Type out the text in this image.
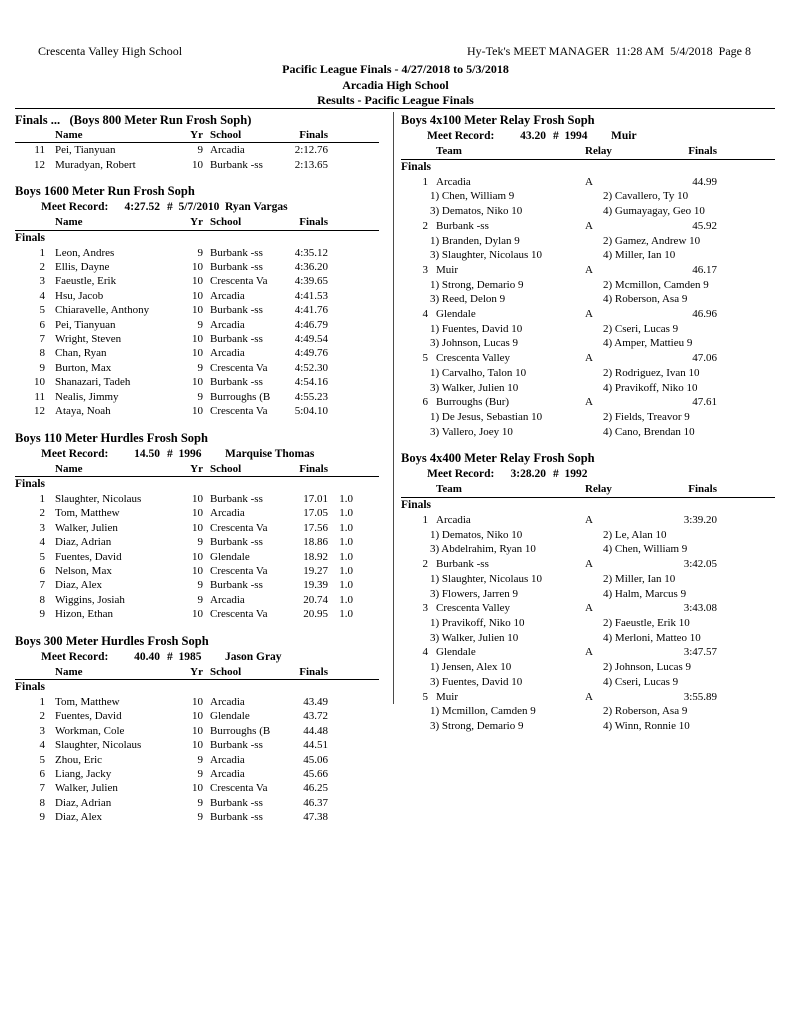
Crescenta Valley High School	Hy-Tek's MEET MANAGER  11:28 AM  5/4/2018  Page 8
Pacific League Finals - 4/27/2018 to 5/3/2018
Arcadia High School
Results - Pacific League Finals
Finals ...   (Boys 800 Meter Run Frosh Soph)
Name	Yr School	Finals
11 Pei, Tianyuan	9 Arcadia	2:12.76
12 Muradyan, Robert	10 Burbank -ss	2:13.65
Boys 1600 Meter Run Frosh Soph
Meet Record:	4:27.52 #  5/7/2010 Ryan Vargas
Name	Yr School	Finals
Finals
1 Leon, Andres	9 Burbank -ss	4:35.12
2 Ellis, Dayne	10 Burbank -ss	4:36.20
3 Faeustle, Erik	10 Crescenta Va	4:39.65
4 Hsu, Jacob	10 Arcadia	4:41.53
5 Chiaravelle, Anthony	10 Burbank -ss	4:41.76
6 Pei, Tianyuan	9 Arcadia	4:46.79
7 Wright, Steven	10 Burbank -ss	4:49.54
8 Chan, Ryan	10 Arcadia	4:49.76
9 Burton, Max	9 Crescenta Va	4:52.30
10 Shanazari, Tadeh	10 Burbank -ss	4:54.16
11 Nealis, Jimmy	9 Burroughs (B	4:55.23
12 Ataya, Noah	10 Crescenta Va	5:04.10
Boys 110 Meter Hurdles Frosh Soph
Meet Record:	14.50 #  1996 Marquise Thomas
Name	Yr School	Finals
Finals
1 Slaughter, Nicolaus	10 Burbank -ss	17.01	1.0
2 Tom, Matthew	10 Arcadia	17.05	1.0
3 Walker, Julien	10 Crescenta Va	17.56	1.0
4 Diaz, Adrian	9 Burbank -ss	18.86	1.0
5 Fuentes, David	10 Glendale	18.92	1.0
6 Nelson, Max	10 Crescenta Va	19.27	1.0
7 Diaz, Alex	9 Burbank -ss	19.39	1.0
8 Wiggins, Josiah	9 Arcadia	20.74	1.0
9 Hizon, Ethan	10 Crescenta Va	20.95	1.0
Boys 300 Meter Hurdles Frosh Soph
Meet Record:	40.40 #  1985 Jason Gray
Name	Yr School	Finals
Finals
1 Tom, Matthew	10 Arcadia	43.49
2 Fuentes, David	10 Glendale	43.72
3 Workman, Cole	10 Burroughs (B	44.48
4 Slaughter, Nicolaus	10 Burbank -ss	44.51
5 Zhou, Eric	9 Arcadia	45.06
6 Liang, Jacky	9 Arcadia	45.66
7 Walker, Julien	10 Crescenta Va	46.25
8 Diaz, Adrian	9 Burbank -ss	46.37
9 Diaz, Alex	9 Burbank -ss	47.38
Boys 4x100 Meter Relay Frosh Soph
Meet Record:	43.20 #  1994 Muir
Team	Relay	Finals
Finals
1 Arcadia	A	44.99
1) Chen, William 9	2) Cavallero, Ty 10
3) Dematos, Niko 10	4) Gumayagay, Geo 10
2 Burbank -ss	A	45.92
1) Branden, Dylan 9	2) Gamez, Andrew 10
3) Slaughter, Nicolaus 10	4) Miller, Ian 10
3 Muir	A	46.17
1) Strong, Demario 9	2) Mcmillon, Camden 9
3) Reed, Delon 9	4) Roberson, Asa 9
4 Glendale	A	46.96
1) Fuentes, David 10	2) Cseri, Lucas 9
3) Johnson, Lucas 9	4) Amper, Mattieu 9
5 Crescenta Valley	A	47.06
1) Carvalho, Talon 10	2) Rodriguez, Ivan 10
3) Walker, Julien 10	4) Pravikoff, Niko 10
6 Burroughs (Bur)	A	47.61
1) De Jesus, Sebastian 10	2) Fields, Treavor 9
3) Vallero, Joey 10	4) Cano, Brendan 10
Boys 4x400 Meter Relay Frosh Soph
Meet Record:	3:28.20 #  1992
Team	Relay	Finals
Finals
1 Arcadia	A	3:39.20
1) Dematos, Niko 10	2) Le, Alan 10
3) Abdelrahim, Ryan 10	4) Chen, William 9
2 Burbank -ss	A	3:42.05
1) Slaughter, Nicolaus 10	2) Miller, Ian 10
3) Flowers, Jarren 9	4) Halm, Marcus 9
3 Crescenta Valley	A	3:43.08
1) Pravikoff, Niko 10	2) Faeustle, Erik 10
3) Walker, Julien 10	4) Merloni, Matteo 10
4 Glendale	A	3:47.57
1) Jensen, Alex 10	2) Johnson, Lucas 9
3) Fuentes, David 10	4) Cseri, Lucas 9
5 Muir	A	3:55.89
1) Mcmillon, Camden 9	2) Roberson, Asa 9
3) Strong, Demario 9	4) Winn, Ronnie 10
